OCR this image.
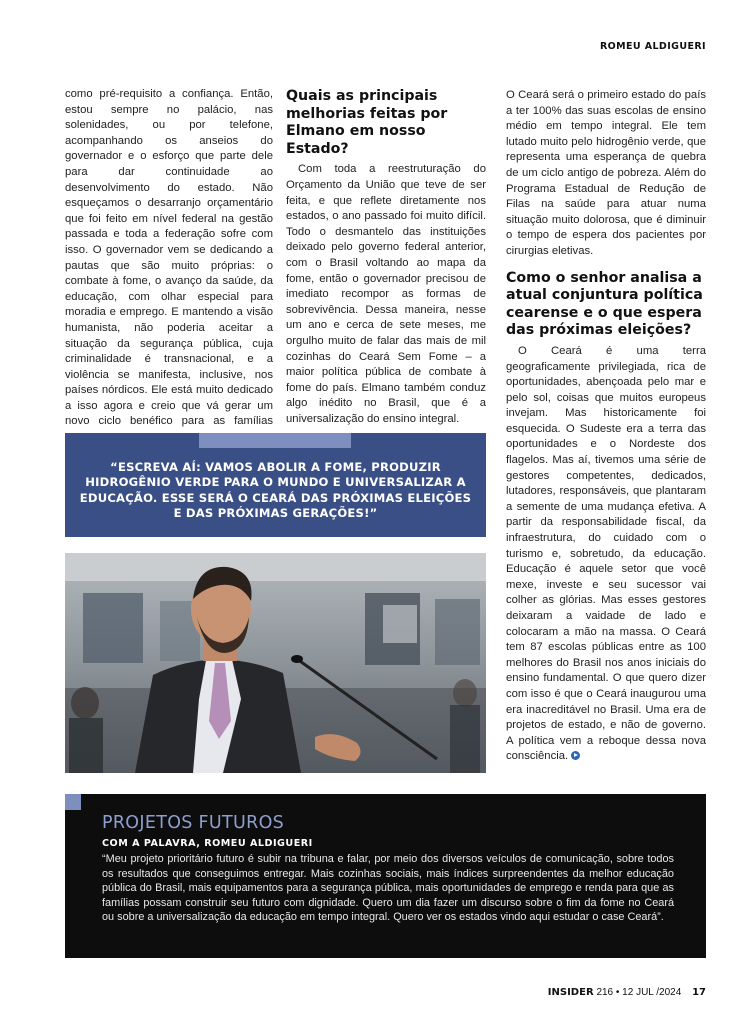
ROMEU ALDIGUERI

como pré-requisito a confiança. Então, estou sempre no palácio, nas solenidades, ou por telefone, acompanhando os anseios do governador e o esforço que parte dele para dar continuidade ao desenvolvimento do estado. Não esqueçamos o desarranjo orçamentário que foi feito em nível federal na gestão passada e toda a federação sofre com isso. O governador vem se dedicando a pautas que são muito próprias: o combate à fome, o avanço da saúde, da educação, com olhar especial para moradia e emprego. E mantendo a visão humanista, não poderia aceitar a situação da segurança pública, cuja criminalidade é transnacional, e a violência se manifesta, inclusive, nos países nórdicos. Ele está muito dedicado a isso agora e creio que vá gerar um novo ciclo benéfico para as famílias

Quais as principais melhorias feitas por Elmano em nosso Estado?

Com toda a reestruturação do Orçamento da União que teve de ser feita, e que reflete diretamente nos estados, o ano passado foi muito difícil. Todo o desmantelo das instituições deixado pelo governo federal anterior, com o Brasil voltando ao mapa da fome, então o governador precisou de imediato recompor as formas de sobrevivência. Dessa maneira, nesse um ano e cerca de sete meses, me orgulho muito de falar das mais de mil cozinhas do Ceará Sem Fome – a maior política pública de combate à fome do país. Elmano também conduz algo inédito no Brasil, que é a universalização do ensino integral.

O Ceará será o primeiro estado do país a ter 100% das suas escolas de ensino médio em tempo integral. Ele tem lutado muito pelo hidrogênio verde, que representa uma esperança de quebra de um ciclo antigo de pobreza. Além do Programa Estadual de Redução de Filas na saúde para atuar numa situação muito dolorosa, que é diminuir o tempo de espera dos pacientes por cirurgias eletivas.

Como o senhor analisa a atual conjuntura política cearense e o que espera das próximas eleições?

O Ceará é uma terra geograficamente privilegiada, rica de oportunidades, abençoada pelo mar e pelo sol, coisas que muitos europeus invejam. Mas historicamente foi esquecida. O Sudeste era a terra das oportunidades e o Nordeste dos flagelos. Mas aí, tivemos uma série de gestores competentes, dedicados, lutadores, responsáveis, que plantaram a semente de uma mudança efetiva. A partir da responsabilidade fiscal, da infraestrutura, do cuidado com o turismo e, sobretudo, da educação. Educação é aquele setor que você mexe, investe e seu sucessor vai colher as glórias. Mas esses gestores deixaram a vaidade de lado e colocaram a mão na massa. O Ceará tem 87 escolas públicas entre as 100 melhores do Brasil nos anos iniciais do ensino fundamental. O que quero dizer com isso é que o Ceará inaugurou uma era inacreditável no Brasil. Uma era de projetos de estado, e não de governo. A política vem a reboque dessa nova consciência.

“ESCREVA AÍ: VAMOS ABOLIR A FOME, PRODUZIR HIDROGÊNIO VERDE PARA O MUNDO E UNIVERSALIZAR A EDUCAÇÃO. ESSE SERÁ O CEARÁ DAS PRÓXIMAS ELEIÇÕES E DAS PRÓXIMAS GERAÇÕES!”
PROJETOS FUTUROS
COM A PALAVRA, ROMEU ALDIGUERI
“Meu projeto prioritário futuro é subir na tribuna e falar, por meio dos diversos veículos de comunicação, sobre todos os resultados que conseguimos entregar. Mais cozinhas sociais, mais índices surpreendentes da melhor educação pública do Brasil, mais equipamentos para a segurança pública, mais oportunidades de emprego e renda para que as famílias possam construir seu futuro com dignidade. Quero um dia fazer um discurso sobre o fim da fome no Ceará ou sobre a universalização da educação em tempo integral. Quero ver os estados vindo aqui estudar o case Ceará”.
INSIDER 216 • 12 JUL /2024 17
